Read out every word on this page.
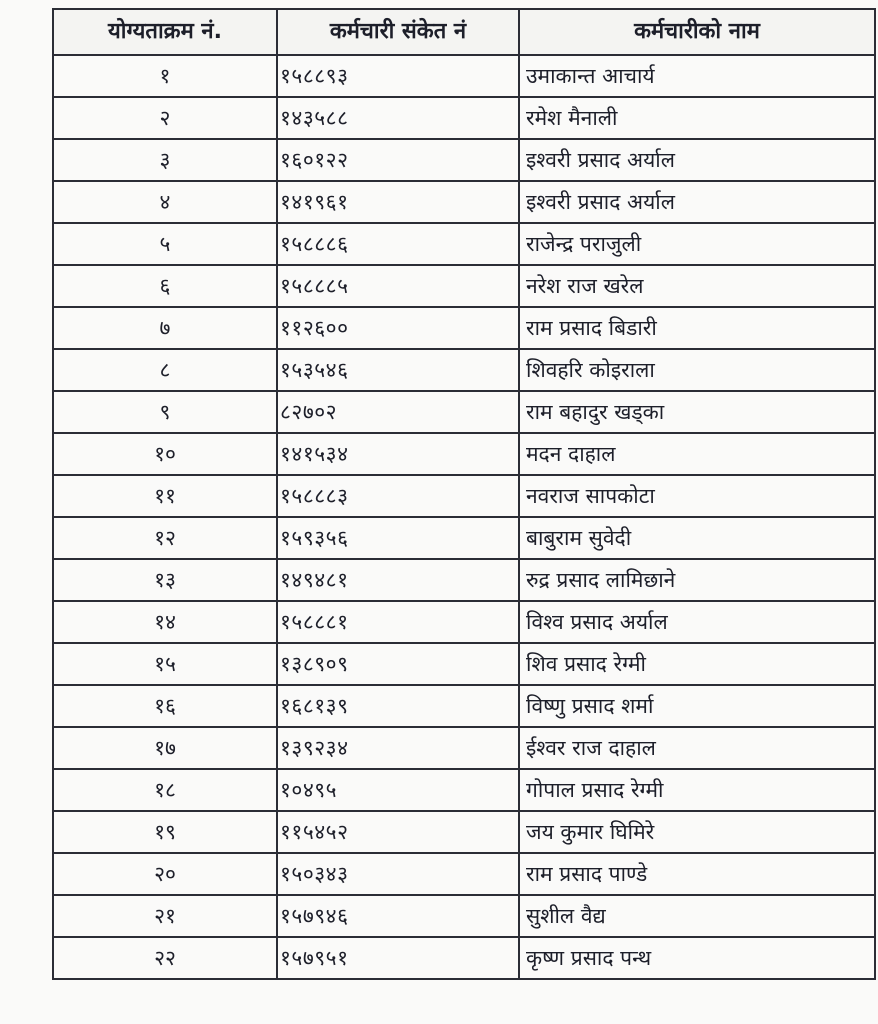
योग्यताक्रम नं.	कर्मचारी संकेत नं	कर्मचारीको नाम
१	१५८८९३	उमाकान्त आचार्य
२	१४३५८८	रमेश मैनाली
३	१६०१२२	इश्वरी प्रसाद अर्याल
४	१४१९६१	इश्वरी प्रसाद अर्याल
५	१५८८८६	राजेन्द्र पराजुली
६	१५८८८५	नरेश राज खरेल
७	११२६००	राम प्रसाद बिडारी
८	१५३५४६	शिवहरि कोइराला
९	८२७०२	राम बहादुर खड्का
१०	१४१५३४	मदन दाहाल
११	१५८८८३	नवराज सापकोटा
१२	१५९३५६	बाबुराम सुवेदी
१३	१४९४८१	रुद्र प्रसाद लामिछाने
१४	१५८८८१	विश्व प्रसाद अर्याल
१५	१३८९०९	शिव प्रसाद रेग्मी
१६	१६८१३९	विष्णु प्रसाद शर्मा
१७	१३९२३४	ईश्वर राज दाहाल
१८	१०४९५	गोपाल प्रसाद रेग्मी
१९	११५४५२	जय कुमार घिमिरे
२०	१५०३४३	राम प्रसाद पाण्डे
२१	१५७९४६	सुशील वैद्य
२२	१५७९५१	कृष्ण प्रसाद पन्थ
